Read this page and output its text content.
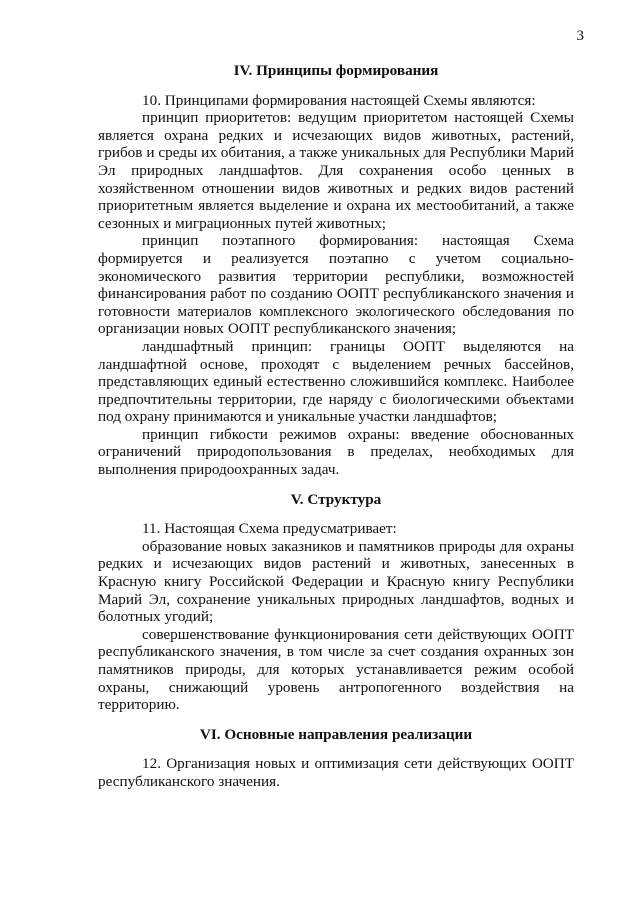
3

IV. Принципы формирования

10. Принципами формирования настоящей Схемы являются:

принцип приоритетов: ведущим приоритетом настоящей Схемы является охрана редких и исчезающих видов животных, растений, грибов и среды их обитания, а также уникальных для Республики Марий Эл природных ландшафтов. Для сохранения особо ценных в хозяйственном отношении видов животных и редких видов растений приоритетным является выделение и охрана их местообитаний, а также сезонных и миграционных путей животных;

принцип поэтапного формирования: настоящая Схема формируется и реализуется поэтапно с учетом социально-экономического развития территории республики, возможностей финансирования работ по созданию ООПТ республиканского значения и готовности материалов комплексного экологического обследования по организации новых ООПТ республиканского значения;

ландшафтный принцип: границы ООПТ выделяются на ландшафтной основе, проходят с выделением речных бассейнов, представляющих единый естественно сложившийся комплекс. Наиболее предпочтительны территории, где наряду с биологическими объектами под охрану принимаются и уникальные участки ландшафтов;

принцип гибкости режимов охраны: введение обоснованных ограничений природопользования в пределах, необходимых для выполнения природоохранных задач.

V. Структура

11. Настоящая Схема предусматривает:

образование новых заказников и памятников природы для охраны редких и исчезающих видов растений и животных, занесенных в Красную книгу Российской Федерации и Красную книгу Республики Марий Эл, сохранение уникальных природных ландшафтов, водных и болотных угодий;

совершенствование функционирования сети действующих ООПТ республиканского значения, в том числе за счет создания охранных зон памятников природы, для которых устанавливается режим особой охраны, снижающий уровень антропогенного воздействия на территорию.

VI. Основные направления реализации

12. Организация новых и оптимизация сети действующих ООПТ республиканского значения.
